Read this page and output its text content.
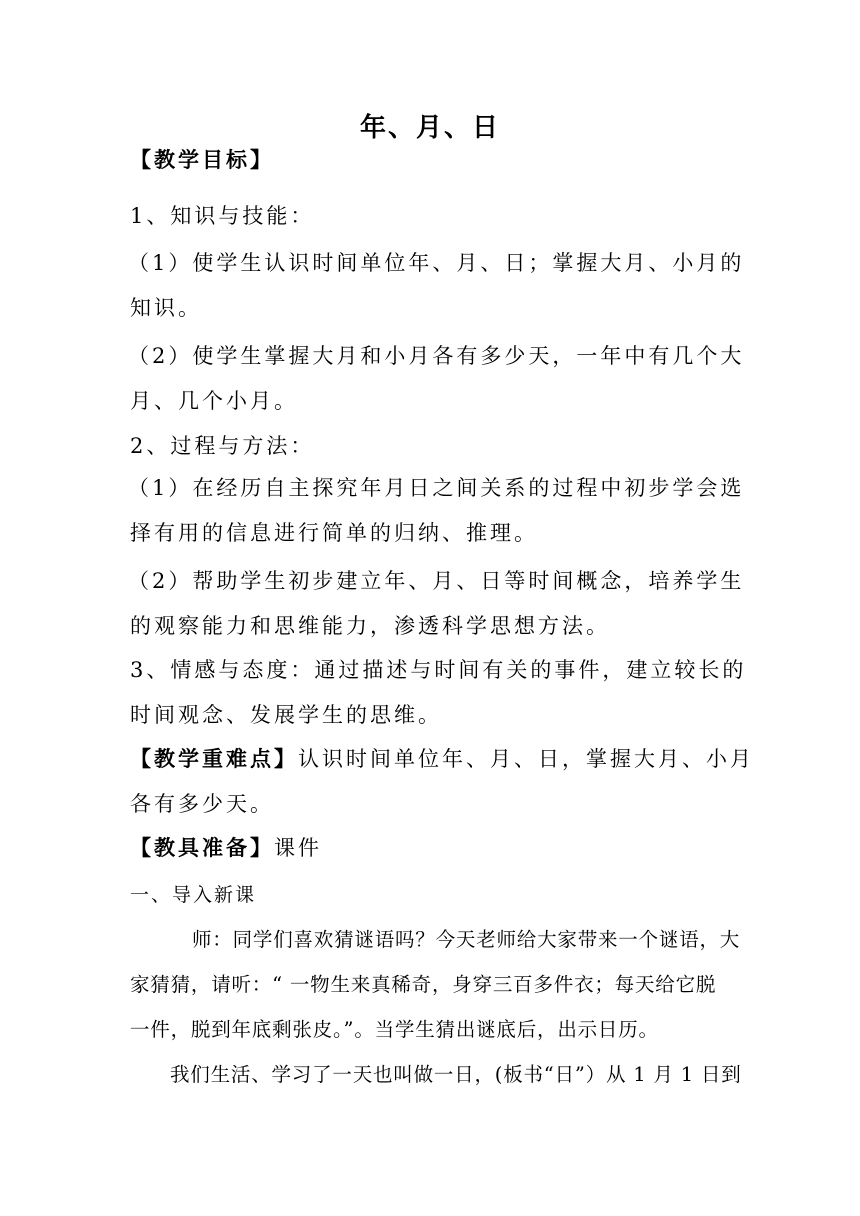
年、月、日
【教学目标】
1、知识与技能：
（1）使学生认识时间单位年、月、日；掌握大月、小月的
知识。
（2）使学生掌握大月和小月各有多少天，一年中有几个大
月、几个小月。
2、过程与方法：
（1）在经历自主探究年月日之间关系的过程中初步学会选
择有用的信息进行简单的归纳、推理。
（2）帮助学生初步建立年、月、日等时间概念，培养学生
的观察能力和思维能力，渗透科学思想方法。
3、情感与态度：通过描述与时间有关的事件，建立较长的
时间观念、发展学生的思维。
【教学重难点】认识时间单位年、月、日，掌握大月、小月
各有多少天。
【教具准备】课件
一、导入新课
师：同学们喜欢猜谜语吗？今天老师给大家带来一个谜语，大
家猜猜，请听：“ 一物生来真稀奇，身穿三百多件衣；每天给它脱
一件，脱到年底剩张皮。”。当学生猜出谜底后，出示日历。
我们生活、学习了一天也叫做一日，(板书“日”）从 1 月 1 日到
